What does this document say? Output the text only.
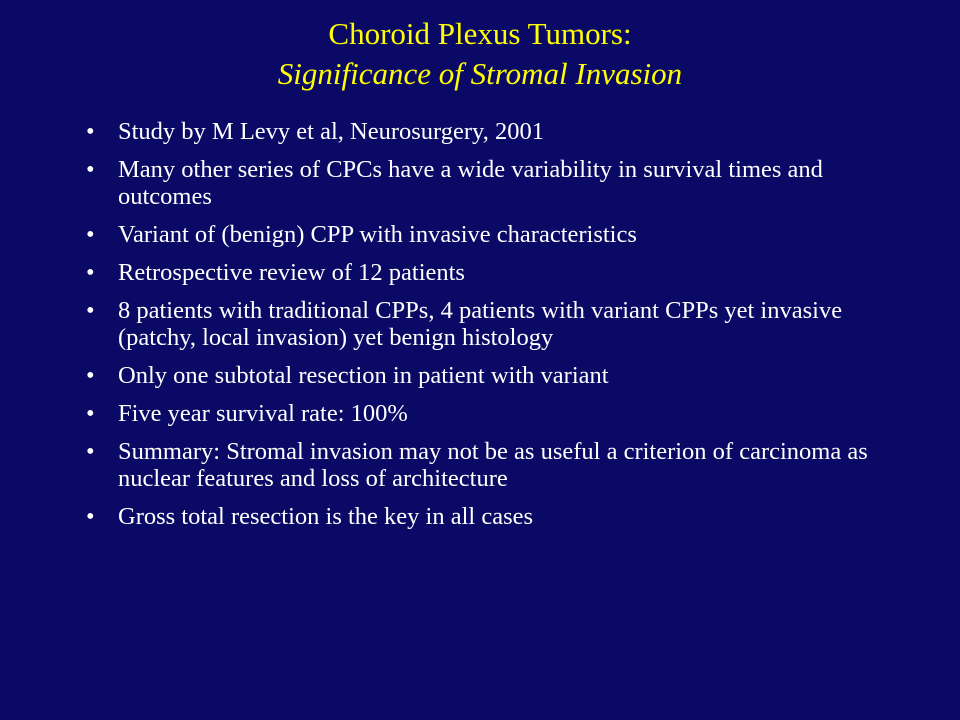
Choroid Plexus Tumors:
Significance of Stromal Invasion
• Study by M Levy et al, Neurosurgery, 2001
• Many other series of CPCs have a wide variability in survival times and outcomes
• Variant of (benign) CPP with invasive characteristics
• Retrospective review of 12 patients
• 8 patients with traditional CPPs, 4 patients with variant CPPs yet invasive (patchy, local invasion) yet benign histology
• Only one subtotal resection in patient with variant
• Five year survival rate: 100%
• Summary: Stromal invasion may not be as useful a criterion of carcinoma as nuclear features and loss of architecture
• Gross total resection is the key in all cases
